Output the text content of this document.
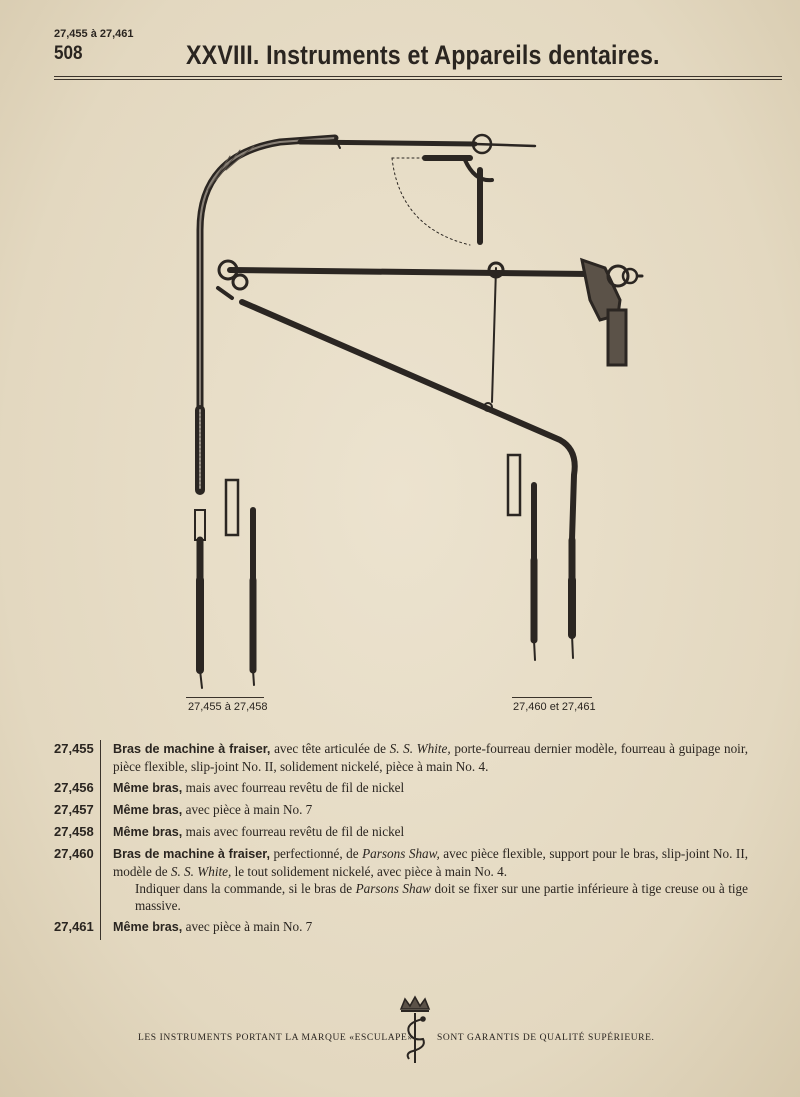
27,455 à 27,461
508	XXVIII. Instruments et Appareils dentaires.
27,455 à 27,458	27,460 et 27,461
27,455 Bras de machine à fraiser, avec tête articulée de S. S. White, porte-fourreau dernier modèle, fourreau à guipage noir, pièce flexible, slip-joint No. II, solidement nickelé, pièce à main No. 4.
27,456 Même bras, mais avec fourreau revêtu de fil de nickel
27,457 Même bras, avec pièce à main No. 7
27,458 Même bras, mais avec fourreau revêtu de fil de nickel
27,460 Bras de machine à fraiser, perfectionné, de Parsons Shaw, avec pièce flexible, support pour le bras, slip-joint No. II, modèle de S. S. White, le tout solidement nickelé, avec pièce à main No. 4.
Indiquer dans la commande, si le bras de Parsons Shaw doit se fixer sur une partie inférieure à tige creuse ou à tige massive.
27,461 Même bras, avec pièce à main No. 7
LES INSTRUMENTS PORTANT LA MARQUE «ESCULAPE»	SONT GARANTIS DE QUALITÉ SUPÉRIEURE.
